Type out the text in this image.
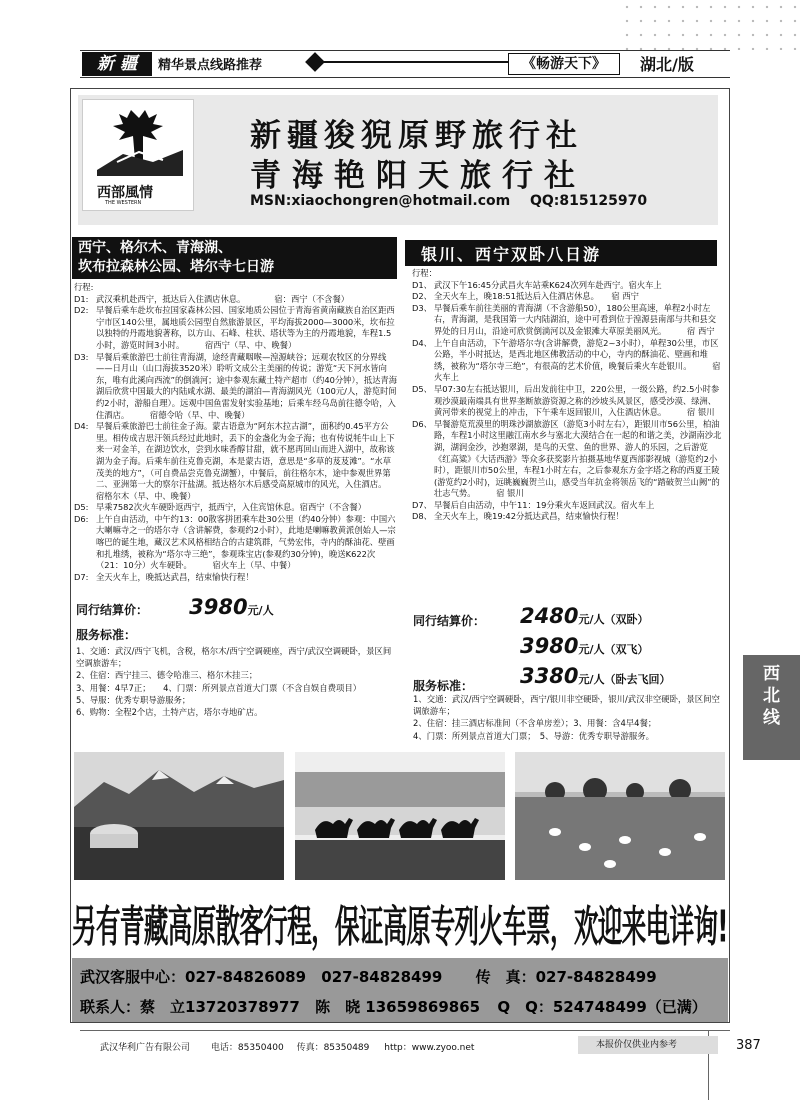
新 疆	精华景点线路推荐	《畅游天下》	湖北/版
西部風情
THE WESTERN
新疆狻猊原野旅行社
青海艳阳天旅行社
MSN:xiaochongren@hotmail.com QQ:815125970
西宁、格尔木、青海湖、
坎布拉森林公园、塔尔寺七日游
行程:
D1: 武汉乘机赴西宁，抵达后入住酒店休息。　　　　宿：西宁（不含餐）
D2: 早餐后乘车赴坎布拉国家森林公园、国家地质公园位于青海省黄南藏族自治区距西宁市区140公里，属地质公园型自然旅游景区，平均海拔2000—3000米，坎布拉以独特的丹霞地貌著称，以方山、石峰、柱状、塔状等为主的丹霞地貌，车程1.5小时，游览时间3小时。　　　宿西宁（早、中、晚餐）
D3: 早餐后乘旅游巴士前往青海湖，途经青藏咽喉—湟源峡谷；远观农牧区的分界线——日月山（山口海拔3520米）聆听文成公主美丽的传说；游览“天下河水皆向东，唯有此溪向西流”的倒淌河；途中参观东藏土特产超市（约40分钟），抵达青海湖后欣赏中国最大的内陆咸水湖、最美的湖泊—青海湖风光（100元/人，游览时间约2小时，游船自理）。远观中国鱼雷发射实验基地；后乘车经乌岛前往德令哈，入住酒店。　　　宿德令哈（早、中、晚餐）
D4: 早餐后乘旅游巴士前往金子海。蒙古语意为“阿东木拉古湖”，面积约0.45平方公里。相传成吉思汗领兵经过此地时，丢下的金盏化为金子海；也有传说牦牛山上下来一对金羊，在湖边饮水，尝到水味香醇甘甜，就不愿再回山而进入湖中，故称该湖为金子海。后乘车前往克鲁克湖，本是蒙古语，意思是“多草的芨芨滩”。“水草茂美的地方”，（可自费品尝克鲁克湖蟹），中餐后，前往格尔木，途中参观世界第二、亚洲第一大的察尔汗盐湖。抵达格尔木后感受高原城市的风光，入住酒店。　　　宿格尔木（早、中、晚餐）
D5: 早乘7582次火车硬卧返西宁，抵西宁，入住宾馆休息。宿西宁（不含餐）
D6: 上午自由活动，中午约13：00散客拼团乘车赴30公里（约40分钟）参观：中国六大喇嘛寺之一的塔尔寺（含讲解费，参观约2小时），此地是喇嘛教黄派创始人—宗喀巴的诞生地，藏汉艺术风格相结合的古建筑群，气势宏伟，寺内的酥油花、壁画和扎堆绣，被称为“塔尔寺三绝”，参观珠宝店(参观约30分钟)，晚送K622次（21：10分）火车硬卧。　　　宿火车上（早、中餐）
D7: 全天火车上，晚抵达武昌，结束愉快行程！
同行结算价： 3980元/人
服务标准：
1、交通：武汉/西宁飞机，含税，格尔木/西宁空调硬座，西宁/武汉空调硬卧，景区间空调旅游车；
2、住宿：西宁挂三、德令哈准三、格尔木挂三；
3、用餐：4早7正；　　4、门票：所列景点首道大门票（不含自娱自费项目）
5、导服：优秀专职导游服务；
6、购物：全程2个店，土特产店，塔尔寺地矿店。
银川、西宁双卧八日游
行程：
D1、 武汉下午16:45分武昌火车站乘K624次列车赴西宁。宿火车上
D2、 全天火车上，晚18:51抵达后入住酒店休息。　　宿 西宁
D3、 早餐后乘车前往美丽的青海湖（不含游船50），180公里高速，单程2小时左右，青海湖，是我国第一大内陆湖泊，途中可看到位于湟源县南部与共和县交界处的日月山，沿途可欣赏倒淌河以及金银滩大草原美丽风光。　　　宿 西宁
D4、 上午自由活动，下午游塔尔寺(含讲解费，游览2~3小时），单程30公里，市区公路，半小时抵达，是西北地区佛教活动的中心，寺内的酥油花、壁画和堆绣，被称为“塔尔寺三绝”，有很高的艺术价值，晚餐后乘火车赴银川。　　　宿火车上
D5、 早07:30左右抵达银川，后出发前往中卫，220公里，一级公路，约2.5小时参观沙漠最南端具有世界垄断旅游资源之称的沙坡头风景区，感受沙漠、绿洲、黄河带来的视觉上的冲击，下午乘车返回银川，入住酒店休息。　　　宿 银川
D6、 早餐游览荒漠里的明珠沙湖旅游区（游览3小时左右），距银川市56公里，柏油路，车程1小时这里融江南水乡与塞北大漠结合在一起的和谐之美，沙湖南沙北湖，湖润金沙，沙抱翠湖，是鸟的天堂、鱼的世界、游人的乐园，之后游览《红高粱》《大话西游》等众多获奖影片拍摄基地华夏西部影视城（游览约2小时），距银川市50公里，车程1小时左右，之后参观东方金字塔之称的西夏王陵(游览约2小时)，远眺巍巍贺兰山，感受当年抗金将领岳飞的“踏破贺兰山阙”的壮志气势。　　　宿 银川
D7、 早餐后自由活动，中午11：19分乘火车返回武汉。宿火车上
D8、 全天火车上，晚19:42分抵达武昌，结束愉快行程！
同行结算价： 2480元/人（双卧）
3980元/人（双飞）
3380元/人（卧去飞回）
服务标准：
1、交通：武汉/西宁空调硬卧，西宁/银川非空硬卧，银川/武汉非空硬卧，景区间空调旅游车；
2、住宿：挂三酒店标准间（不含单房差）；3、用餐：含4早4餐；
4、门票：所列景点首道大门票；　5、导游：优秀专职导游服务。
另有青藏高原散客行程，保证高原专列火车票，欢迎来电详询!
武汉客服中心：027-84826089 027-84828499 传　真：027-84828499
联系人：蔡　立13720378977 陈　晓 13659869865 Q　Q：524748499（已满）
西
北
线
武汉华利广告有限公司 电话：85350400 传真：85350489 http：www.zyoo.net	本报价仅供业内参考	387
